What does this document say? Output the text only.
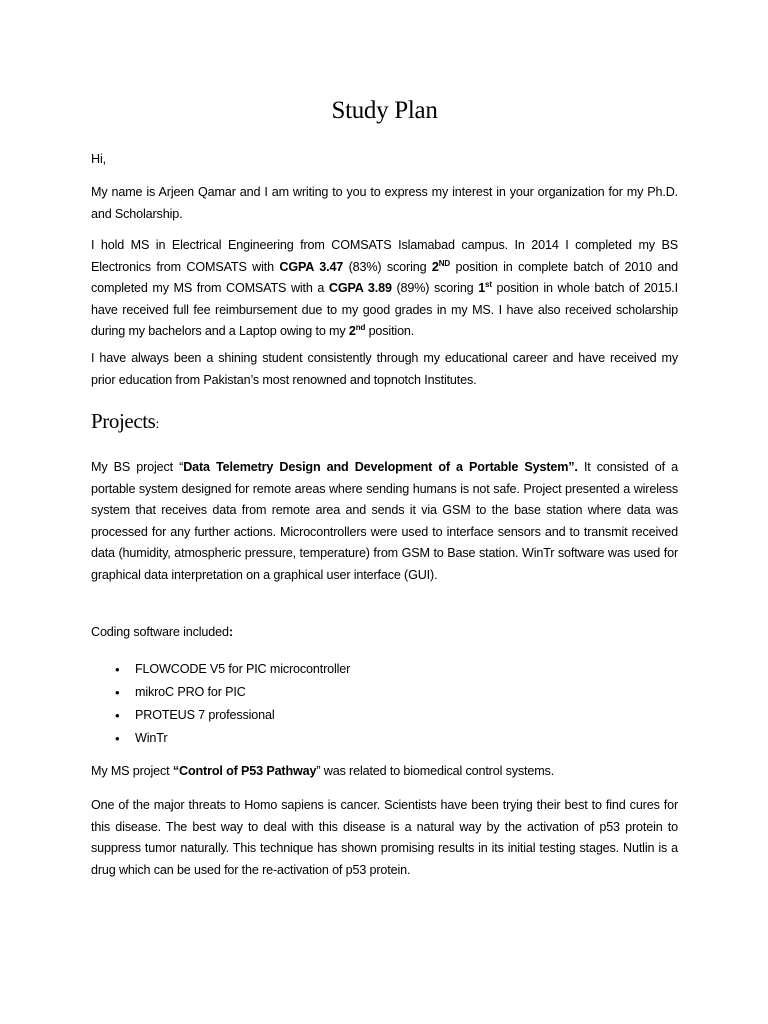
Study Plan

Hi,

My name is Arjeen Qamar and I am writing to you to express my interest in your organization for my Ph.D. and Scholarship.

I hold MS in Electrical Engineering from COMSATS Islamabad campus. In 2014 I completed my BS Electronics from COMSATS with CGPA 3.47 (83%) scoring 2ND position in complete batch of 2010 and completed my MS from COMSATS with a CGPA 3.89 (89%) scoring 1st position in whole batch of 2015.I have received full fee reimbursement due to my good grades in my MS. I have also received scholarship during my bachelors and a Laptop owing to my 2nd position.

I have always been a shining student consistently through my educational career and have received my prior education from Pakistan’s most renowned and topnotch Institutes.

Projects:

My BS project “Data Telemetry Design and Development of a Portable System”. It consisted of a portable system designed for remote areas where sending humans is not safe. Project presented a wireless system that receives data from remote area and sends it via GSM to the base station where data was processed for any further actions. Microcontrollers were used to interface sensors and to transmit received data (humidity, atmospheric pressure, temperature) from GSM to Base station. WinTr software was used for graphical data interpretation on a graphical user interface (GUI).

Coding software included:

• FLOWCODE V5 for PIC microcontroller
• mikroC PRO for PIC
• PROTEUS 7 professional
• WinTr

My MS project “Control of P53 Pathway” was related to biomedical control systems.

One of the major threats to Homo sapiens is cancer. Scientists have been trying their best to find cures for this disease. The best way to deal with this disease is a natural way by the activation of p53 protein to suppress tumor naturally. This technique has shown promising results in its initial testing stages. Nutlin is a drug which can be used for the re-activation of p53 protein.
